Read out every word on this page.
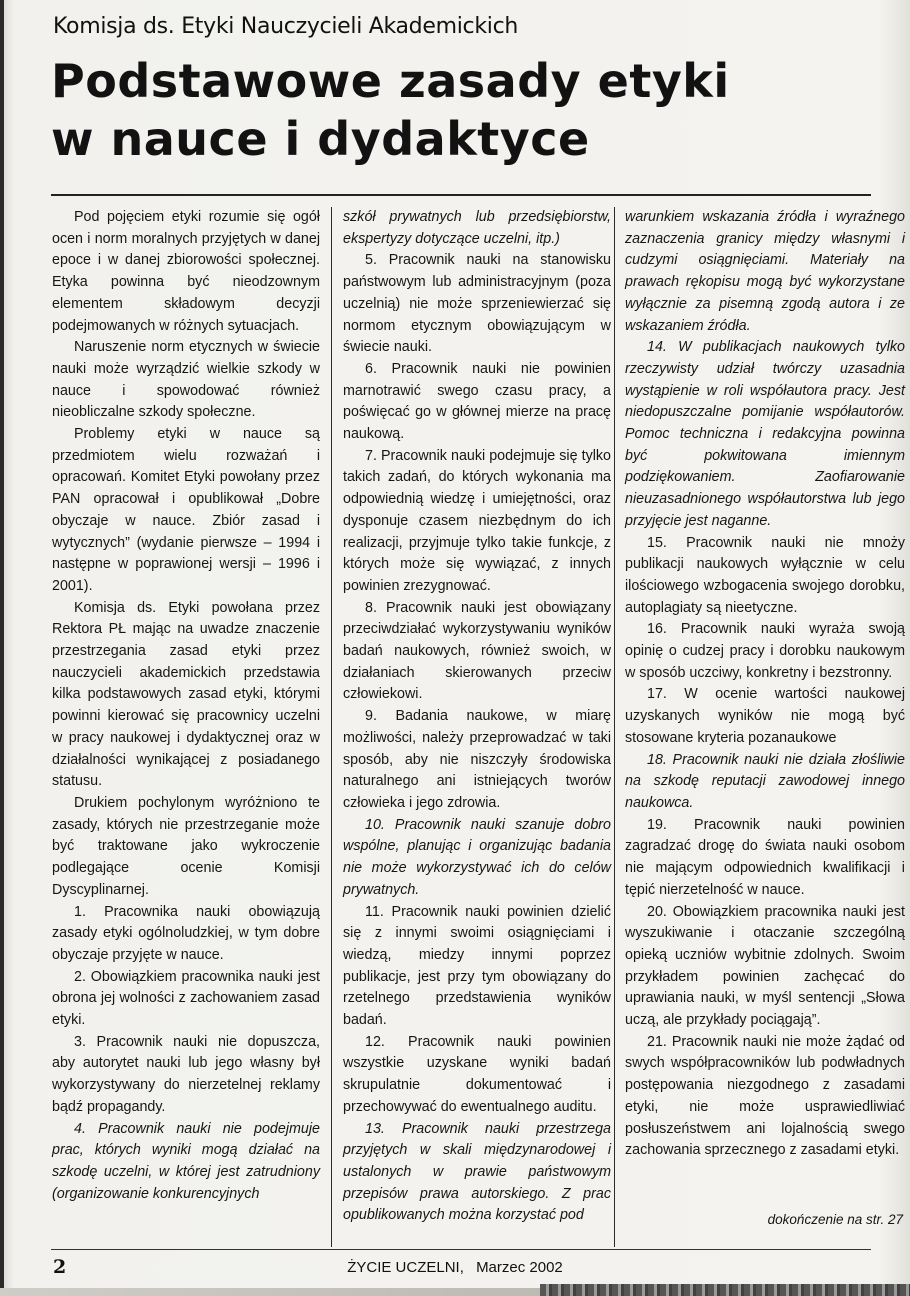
Komisja ds. Etyki Nauczycieli Akademickich
Podstawowe zasady etyki
w nauce i dydaktyce

Pod pojęciem etyki rozumie się ogół ocen i norm moralnych przyjętych w danej epoce i w danej zbiorowości społecznej. Etyka powinna być nieodzownym elementem składowym decyzji podejmowanych w różnych sytuacjach.

Naruszenie norm etycznych w świecie nauki może wyrządzić wielkie szkody w nauce i spowodować również nieobliczalne szkody społeczne.

Problemy etyki w nauce są przedmiotem wielu rozważań i opracowań. Komitet Etyki powołany przez PAN opracował i opublikował „Dobre obyczaje w nauce. Zbiór zasad i wytycznych” (wydanie pierwsze – 1994 i następne w poprawionej wersji – 1996 i 2001).

Komisja ds. Etyki powołana przez Rektora PŁ mając na uwadze znaczenie przestrzegania zasad etyki przez nauczycieli akademickich przedstawia kilka podstawowych zasad etyki, którymi powinni kierować się pracownicy uczelni w pracy naukowej i dydaktycznej oraz w działalności wynikającej z posiadanego statusu.

Drukiem pochylonym wyróżniono te zasady, których nie przestrzeganie może być traktowane jako wykroczenie podlegające ocenie Komisji Dyscyplinarnej.

1. Pracownika nauki obowiązują zasady etyki ogólnoludzkiej, w tym dobre obyczaje przyjęte w nauce.

2. Obowiązkiem pracownika nauki jest obrona jej wolności z zachowaniem zasad etyki.

3. Pracownik nauki nie dopuszcza, aby autorytet nauki lub jego własny był wykorzystywany do nierzetelnej reklamy bądź propagandy.

4. Pracownik nauki nie podejmuje prac, których wyniki mogą działać na szkodę uczelni, w której jest zatrudniony (organizowanie konkurencyjnych

szkół prywatnych lub przedsiębiorstw, ekspertyzy dotyczące uczelni, itp.)

5. Pracownik nauki na stanowisku państwowym lub administracyjnym (poza uczelnią) nie może sprzeniewierzać się normom etycznym obowiązującym w świecie nauki.

6. Pracownik nauki nie powinien marnotrawić swego czasu pracy, a poświęcać go w głównej mierze na pracę naukową.

7. Pracownik nauki podejmuje się tylko takich zadań, do których wykonania ma odpowiednią wiedzę i umiejętności, oraz dysponuje czasem niezbędnym do ich realizacji, przyjmuje tylko takie funkcje, z których może się wywiązać, z innych powinien zrezygnować.

8. Pracownik nauki jest obowiązany przeciwdziałać wykorzystywaniu wyników badań naukowych, również swoich, w działaniach skierowanych przeciw człowiekowi.

9. Badania naukowe, w miarę możliwości, należy przeprowadzać w taki sposób, aby nie niszczyły środowiska naturalnego ani istniejących tworów człowieka i jego zdrowia.

10. Pracownik nauki szanuje dobro wspólne, planując i organizując badania nie może wykorzystywać ich do celów prywatnych.

11. Pracownik nauki powinien dzielić się z innymi swoimi osiągnięciami i wiedzą, miedzy innymi poprzez publikacje, jest przy tym obowiązany do rzetelnego przedstawienia wyników badań.

12. Pracownik nauki powinien wszystkie uzyskane wyniki badań skrupulatnie dokumentować i przechowywać do ewentualnego auditu.

13. Pracownik nauki przestrzega przyjętych w skali międzynarodowej i ustalonych w prawie państwowym przepisów prawa autorskiego. Z prac opublikowanych można korzystać pod

warunkiem wskazania źródła i wyraźnego zaznaczenia granicy między własnymi i cudzymi osiągnięciami. Materiały na prawach rękopisu mogą być wykorzystane wyłącznie za pisemną zgodą autora i ze wskazaniem źródła.

14. W publikacjach naukowych tylko rzeczywisty udział twórczy uzasadnia wystąpienie w roli współautora pracy. Jest niedopuszczalne pomijanie współautorów. Pomoc techniczna i redakcyjna powinna być pokwitowana imiennym podziękowaniem. Zaofiarowanie nieuzasadnionego współautorstwa lub jego przyjęcie jest naganne.

15. Pracownik nauki nie mnoży publikacji naukowych wyłącznie w celu ilościowego wzbogacenia swojego dorobku, autoplagiaty są nieetyczne.

16. Pracownik nauki wyraża swoją opinię o cudzej pracy i dorobku naukowym w sposób uczciwy, konkretny i bezstronny.

17. W ocenie wartości naukowej uzyskanych wyników nie mogą być stosowane kryteria pozanaukowe

18. Pracownik nauki nie działa złośliwie na szkodę reputacji zawodowej innego naukowca.

19. Pracownik nauki powinien zagradzać drogę do świata nauki osobom nie mającym odpowiednich kwalifikacji i tępić nierzetelność w nauce.

20. Obowiązkiem pracownika nauki jest wyszukiwanie i otaczanie szczególną opieką uczniów wybitnie zdolnych. Swoim przykładem powinien zachęcać do uprawiania nauki, w myśl sentencji „Słowa uczą, ale przykłady pociągają”.

21. Pracownik nauki nie może żądać od swych współpracowników lub podwładnych postępowania niezgodnego z zasadami etyki, nie może usprawiedliwiać posłuszeństwem ani lojalnością swego zachowania sprzecznego z zasadami etyki.

dokończenie na str. 27
2	ŻYCIE UCZELNI, Marzec 2002
